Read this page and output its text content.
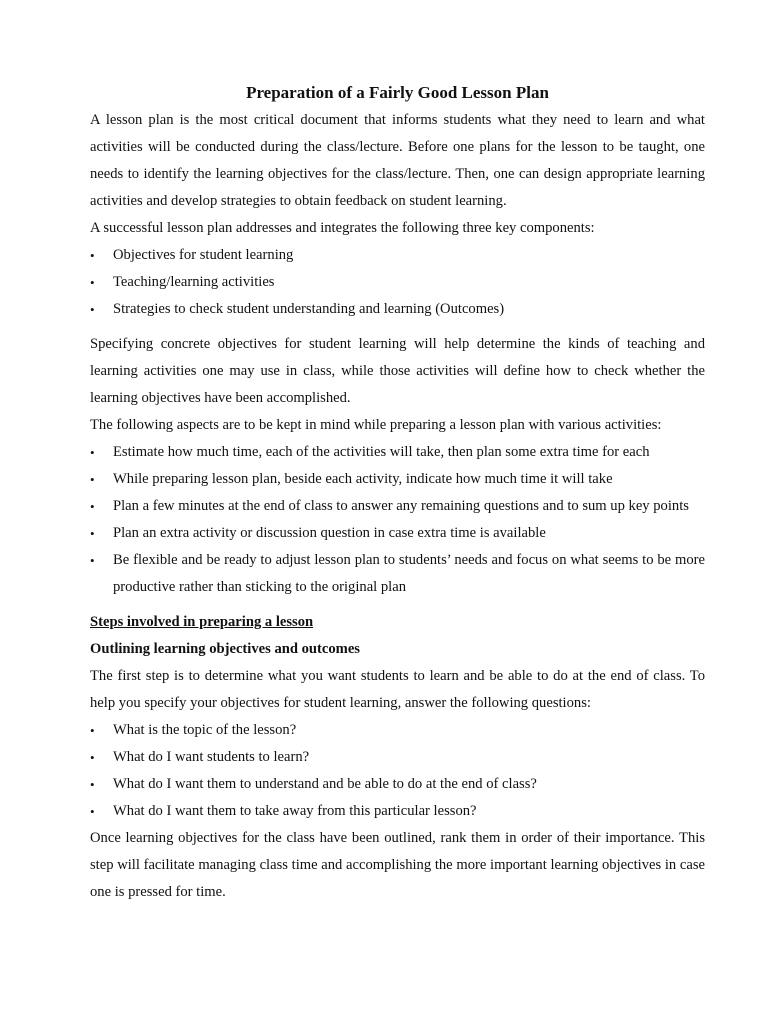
Preparation of a Fairly Good Lesson Plan

A lesson plan is the most critical document that informs students what they need to learn and what activities will be conducted during the class/lecture. Before one plans for the lesson to be taught, one needs to identify the learning objectives for the class/lecture. Then, one can design appropriate learning activities and develop strategies to obtain feedback on student learning.

A successful lesson plan addresses and integrates the following three key components:

• Objectives for student learning
• Teaching/learning activities
• Strategies to check student understanding and learning (Outcomes)

Specifying concrete objectives for student learning will help determine the kinds of teaching and learning activities one may use in class, while those activities will define how to check whether the learning objectives have been accomplished.

The following aspects are to be kept in mind while preparing a lesson plan with various activities:

• Estimate how much time, each of the activities will take, then plan some extra time for each
• While preparing lesson plan, beside each activity, indicate how much time it will take
• Plan a few minutes at the end of class to answer any remaining questions and to sum up key points
• Plan an extra activity or discussion question in case extra time is available
• Be flexible and be ready to adjust lesson plan to students’ needs and focus on what seems to be more productive rather than sticking to the original plan

Steps involved in preparing a lesson

Outlining learning objectives and outcomes

The first step is to determine what you want students to learn and be able to do at the end of class. To help you specify your objectives for student learning, answer the following questions:

• What is the topic of the lesson?
• What do I want students to learn?
• What do I want them to understand and be able to do at the end of class?
• What do I want them to take away from this particular lesson?

Once learning objectives for the class have been outlined, rank them in order of their importance. This step will facilitate managing class time and accomplishing the more important learning objectives in case one is pressed for time.
